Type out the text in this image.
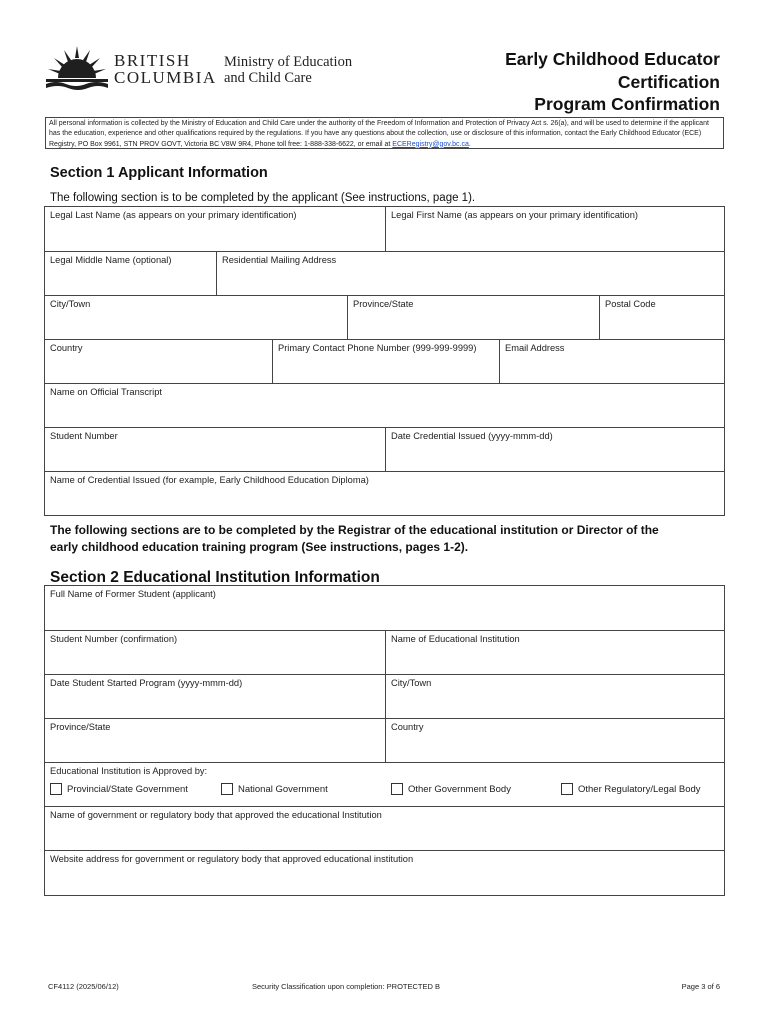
BRITISH
COLUMBIA
Ministry of Education
and Child Care
Early Childhood Educator
Certification
Program Confirmation
All personal information is collected by the Ministry of Education and Child Care under the authority of the Freedom of Information and Protection of Privacy Act s. 26(a), and will be used to determine if the applicant has the education, experience and other qualifications required by the regulations. If you have any questions about the collection, use or disclosure of this information, contact the Early Childhood Educator (ECE) Registry, PO Box 9961, STN PROV GOVT, Victoria BC V8W 9R4, Phone toll free: 1-888-338-6622, or email at ECERegistry@gov.bc.ca.
Section 1 Applicant Information
The following section is to be completed by the applicant (See instructions, page 1).
Legal Last Name (as appears on your primary identification)	Legal First Name (as appears on your primary identification)
Legal Middle Name (optional)	Residential Mailing Address
City/Town	Province/State	Postal Code
Country	Primary Contact Phone Number (999-999-9999)	Email Address
Name on Official Transcript
Student Number	Date Credential Issued (yyyy-mmm-dd)
Name of Credential Issued (for example, Early Childhood Education Diploma)
The following sections are to be completed by the Registrar of the educational institution or Director of the
early childhood education training program (See instructions, pages 1-2).
Section 2 Educational Institution Information
Full Name of Former Student (applicant)
Student Number (confirmation)	Name of Educational Institution
Date Student Started Program (yyyy-mmm-dd)	City/Town
Province/State	Country
Educational Institution is Approved by:
Provincial/State Government	National Government	Other Government Body	Other Regulatory/Legal Body
Name of government or regulatory body that approved the educational Institution
Website address for government or regulatory body that approved educational institution
CF4112 (2025/06/12)	Security Classification upon completion: PROTECTED B	Page 3 of 6
